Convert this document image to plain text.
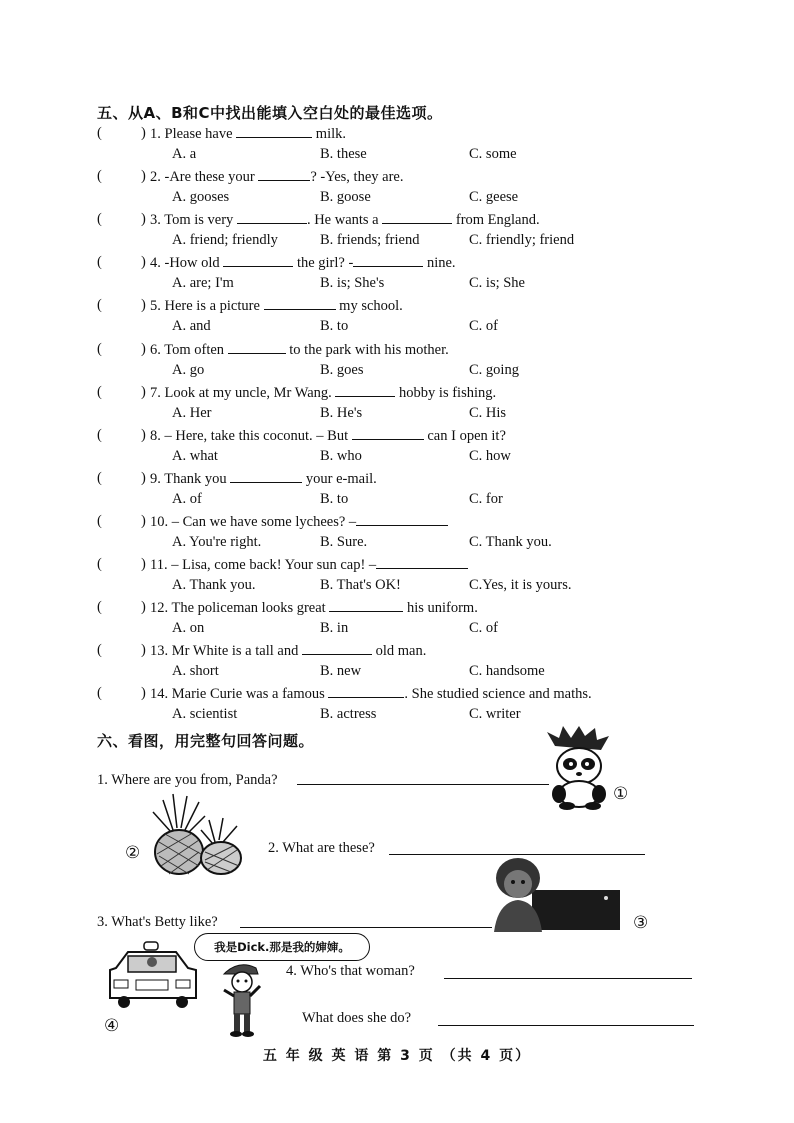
五、从A、B和C中找出能填入空白处的最佳选项。
(	) 1. Please have	milk.
A. a	B. these	C. some
(	) 2. -Are these your	? -Yes, they are.
A. gooses	B. goose	C. geese
(	) 3. Tom is very	. He wants a	from England.
A. friend; friendly	B. friends; friend	C. friendly; friend
(	) 4. -How old	the girl? -	nine.
A. are; I'm	B. is; She's	C. is; She
(	) 5. Here is a picture	my school.
A. and	B. to	C. of
(	) 6. Tom often	to the park with his mother.
A. go	B. goes	C. going
(	) 7. Look at my uncle, Mr Wang.	hobby is fishing.
A. Her	B. He's	C. His
(	) 8. – Here, take this coconut. – But	can I open it?
A. what	B. who	C. how
(	) 9. Thank you	your e-mail.
A. of	B. to	C. for
(	) 10. – Can we have some lychees? –
A. You're right.	B. Sure.	C. Thank you.
(	) 11. – Lisa, come back! Your sun cap! –
A. Thank you.	B. That's OK!	C.Yes, it is yours.
(	) 12. The policeman looks great	his uniform.
A. on	B. in	C. of
(	) 13. Mr White is a tall and	old man.
A. short	B. new	C. handsome
(	) 14. Marie Curie was a famous	. She studied science and maths.
A. scientist	B. actress	C. writer
六、看图，用完整句回答问题。
①
1. Where are you from, Panda?
②	2. What are these?
③
3. What's Betty like?
我是Dick.那是我的婶婶。
④
4. Who's that woman?
What does she do?
五 年 级 英 语 第 3 页 （共 4 页）
